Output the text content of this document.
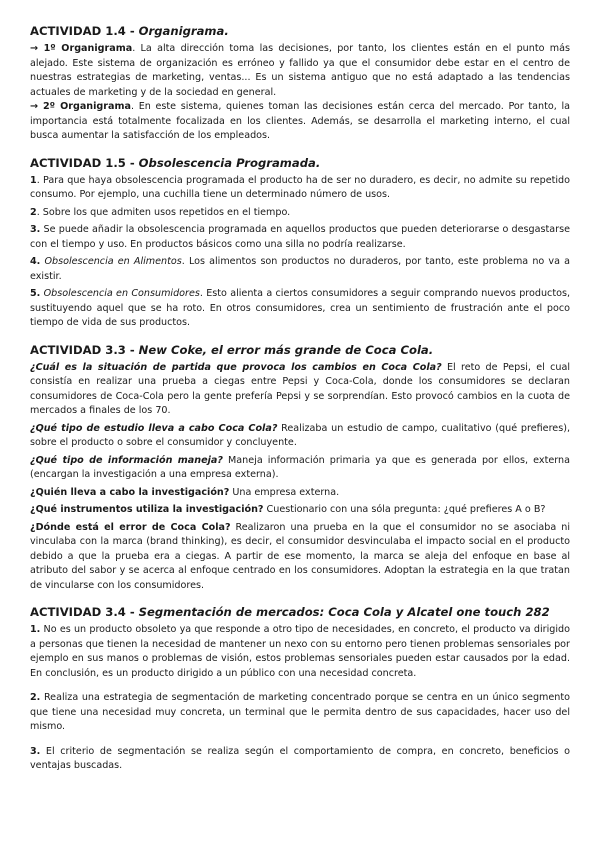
ACTIVIDAD 1.4 - Organigrama.

→ 1º Organigrama. La alta dirección toma las decisiones, por tanto, los clientes están en el punto más alejado. Este sistema de organización es erróneo y fallido ya que el consumidor debe estar en el centro de nuestras estrategias de marketing, ventas... Es un sistema antiguo que no está adaptado a las tendencias actuales de marketing y de la sociedad en general.

→ 2º Organigrama. En este sistema, quienes toman las decisiones están cerca del mercado. Por tanto, la importancia está totalmente focalizada en los clientes. Además, se desarrolla el marketing interno, el cual busca aumentar la satisfacción de los empleados.

ACTIVIDAD 1.5 - Obsolescencia Programada.

1. Para que haya obsolescencia programada el producto ha de ser no duradero, es decir, no admite su repetido consumo. Por ejemplo, una cuchilla tiene un determinado número de usos.

2. Sobre los que admiten usos repetidos en el tiempo.

3. Se puede añadir la obsolescencia programada en aquellos productos que pueden deteriorarse o desgastarse con el tiempo y uso. En productos básicos como una silla no podría realizarse.

4. Obsolescencia en Alimentos. Los alimentos son productos no duraderos, por tanto, este problema no va a existir.

5. Obsolescencia en Consumidores. Esto alienta a ciertos consumidores a seguir comprando nuevos productos, sustituyendo aquel que se ha roto. En otros consumidores, crea un sentimiento de frustración ante el poco tiempo de vida de sus productos.

ACTIVIDAD 3.3 - New Coke, el error más grande de Coca Cola.

¿Cuál es la situación de partida que provoca los cambios en Coca Cola? El reto de Pepsi, el cual consistía en realizar una prueba a ciegas entre Pepsi y Coca-Cola, donde los consumidores se declaran consumidores de Coca-Cola pero la gente prefería Pepsi y se sorprendían. Esto provocó cambios en la cuota de mercados a finales de los 70.

¿Qué tipo de estudio lleva a cabo Coca Cola? Realizaba un estudio de campo, cualitativo (qué prefieres), sobre el producto o sobre el consumidor y concluyente.

¿Qué tipo de información maneja? Maneja información primaria ya que es generada por ellos, externa (encargan la investigación a una empresa externa).

¿Quién lleva a cabo la investigación? Una empresa externa.

¿Qué instrumentos utiliza la investigación? Cuestionario con una sóla pregunta: ¿qué prefieres A o B?

¿Dónde está el error de Coca Cola? Realizaron una prueba en la que el consumidor no se asociaba ni vinculaba con la marca (brand thinking), es decir, el consumidor desvinculaba el impacto social en el producto debido a que la prueba era a ciegas. A partir de ese momento, la marca se aleja del enfoque en base al atributo del sabor y se acerca al enfoque centrado en los consumidores. Adoptan la estrategia en la que tratan de vincularse con los consumidores.

ACTIVIDAD 3.4 - Segmentación de mercados: Coca Cola y Alcatel one touch 282

1. No es un producto obsoleto ya que responde a otro tipo de necesidades, en concreto, el producto va dirigido a personas que tienen la necesidad de mantener un nexo con su entorno pero tienen problemas sensoriales por ejemplo en sus manos o problemas de visión, estos problemas sensoriales pueden estar causados por la edad. En conclusión, es un producto dirigido a un público con una necesidad concreta.

2. Realiza una estrategia de segmentación de marketing concentrado porque se centra en un único segmento que tiene una necesidad muy concreta, un terminal que le permita dentro de sus capacidades, hacer uso del mismo.

3. El criterio de segmentación se realiza según el comportamiento de compra, en concreto, beneficios o ventajas buscadas.
